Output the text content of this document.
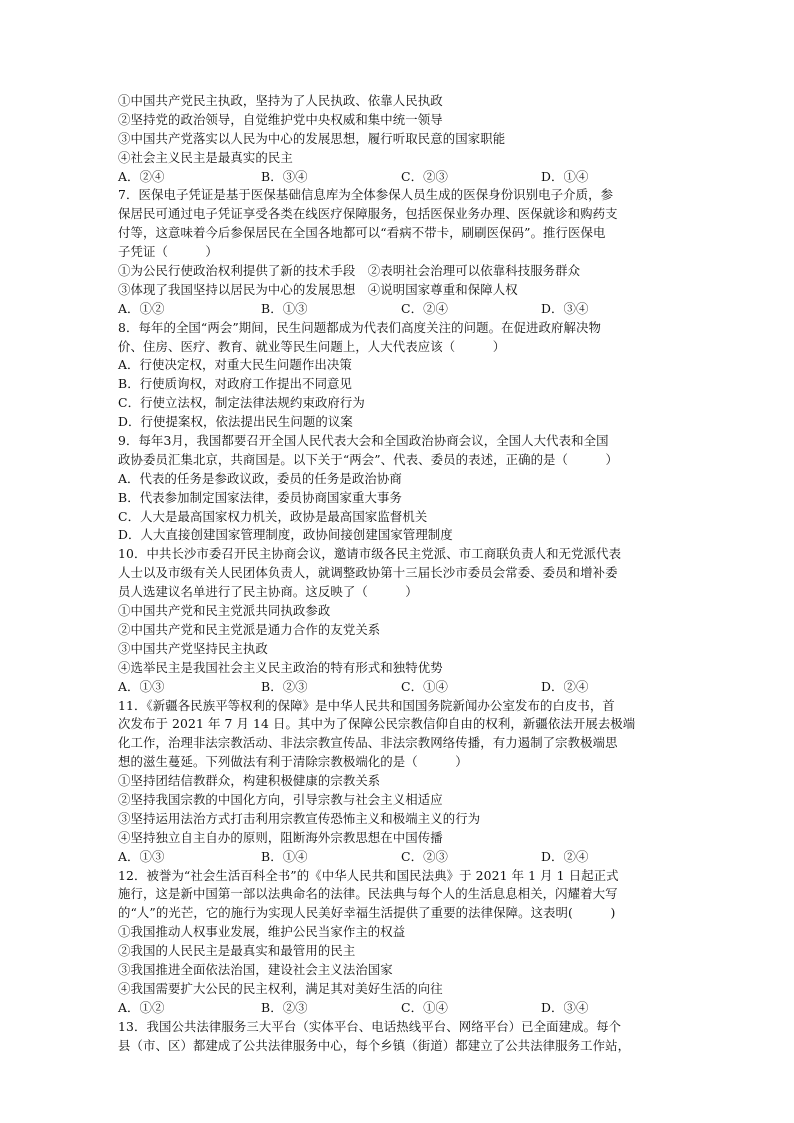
①中国共产党民主执政，坚持为了人民执政、依靠人民执政
②坚持党的政治领导，自觉维护党中央权威和集中统一领导
③中国共产党落实以人民为中心的发展思想，履行听取民意的国家职能
④社会主义民主是最真实的民主
A．②④	B．③④	C．②③	D．①④
7．医保电子凭证是基于医保基础信息库为全体参保人员生成的医保身份识别电子介质，参
保居民可通过电子凭证享受各类在线医疗保障服务，包括医保业务办理、医保就诊和购药支
付等，这意味着今后参保居民在全国各地都可以“看病不带卡，刷刷医保码”。推行医保电
子凭证（　　　）
①为公民行使政治权利提供了新的技术手段　②表明社会治理可以依靠科技服务群众
③体现了我国坚持以居民为中心的发展思想　④说明国家尊重和保障人权
A．①②	B．①③	C．②④	D．③④
8．每年的全国“两会”期间，民生问题都成为代表们高度关注的问题。在促进政府解决物
价、住房、医疗、教育、就业等民生问题上，人大代表应该（　　　）
A．行使决定权，对重大民生问题作出决策
B．行使质询权，对政府工作提出不同意见
C．行使立法权，制定法律法规约束政府行为
D．行使提案权，依法提出民生问题的议案
9．每年3月，我国都要召开全国人民代表大会和全国政治协商会议，全国人大代表和全国
政协委员汇集北京，共商国是。以下关于“两会”、代表、委员的表述，正确的是（　　　）
A．代表的任务是参政议政，委员的任务是政治协商
B．代表参加制定国家法律，委员协商国家重大事务
C．人大是最高国家权力机关，政协是最高国家监督机关
D．人大直接创建国家管理制度，政协间接创建国家管理制度
10．中共长沙市委召开民主协商会议，邀请市级各民主党派、市工商联负责人和无党派代表
人士以及市级有关人民团体负责人，就调整政协第十三届长沙市委员会常委、委员和增补委
员人选建议名单进行了民主协商。这反映了（　　　）
①中国共产党和民主党派共同执政参政
②中国共产党和民主党派是通力合作的友党关系
③中国共产党坚持民主执政
④选举民主是我国社会主义民主政治的特有形式和独特优势
A．①③	B．②③	C．①④	D．②④
11．《新疆各民族平等权利的保障》是中华人民共和国国务院新闻办公室发布的白皮书，首
次发布于 2021 年 7 月 14 日。其中为了保障公民宗教信仰自由的权利，新疆依法开展去极端
化工作，治理非法宗教活动、非法宗教宣传品、非法宗教网络传播，有力遏制了宗教极端思
想的滋生蔓延。下列做法有利于清除宗教极端化的是（　　　）
①坚持团结信教群众，构建积极健康的宗教关系
②坚持我国宗教的中国化方向，引导宗教与社会主义相适应
③坚持运用法治方式打击利用宗教宣传恐怖主义和极端主义的行为
④坚持独立自主自办的原则，阻断海外宗教思想在中国传播
A．①③	B．①④	C．②③	D．②④
12．被誉为“社会生活百科全书”的《中华人民共和国民法典》于 2021 年 1 月 1 日起正式
施行，这是新中国第一部以法典命名的法律。民法典与每个人的生活息息相关，闪耀着大写
的“人”的光芒，它的施行为实现人民美好幸福生活提供了重要的法律保障。这表明(　　　)
①我国推动人权事业发展，维护公民当家作主的权益
②我国的人民民主是最真实和最管用的民主
③我国推进全面依法治国，建设社会主义法治国家
④我国需要扩大公民的民主权利，满足其对美好生活的向往
A．①②	B．②③	C．①④	D．③④
13．我国公共法律服务三大平台（实体平台、电话热线平台、网络平台）已全面建成。每个
县（市、区）都建成了公共法律服务中心，每个乡镇（街道）都建立了公共法律服务工作站，
